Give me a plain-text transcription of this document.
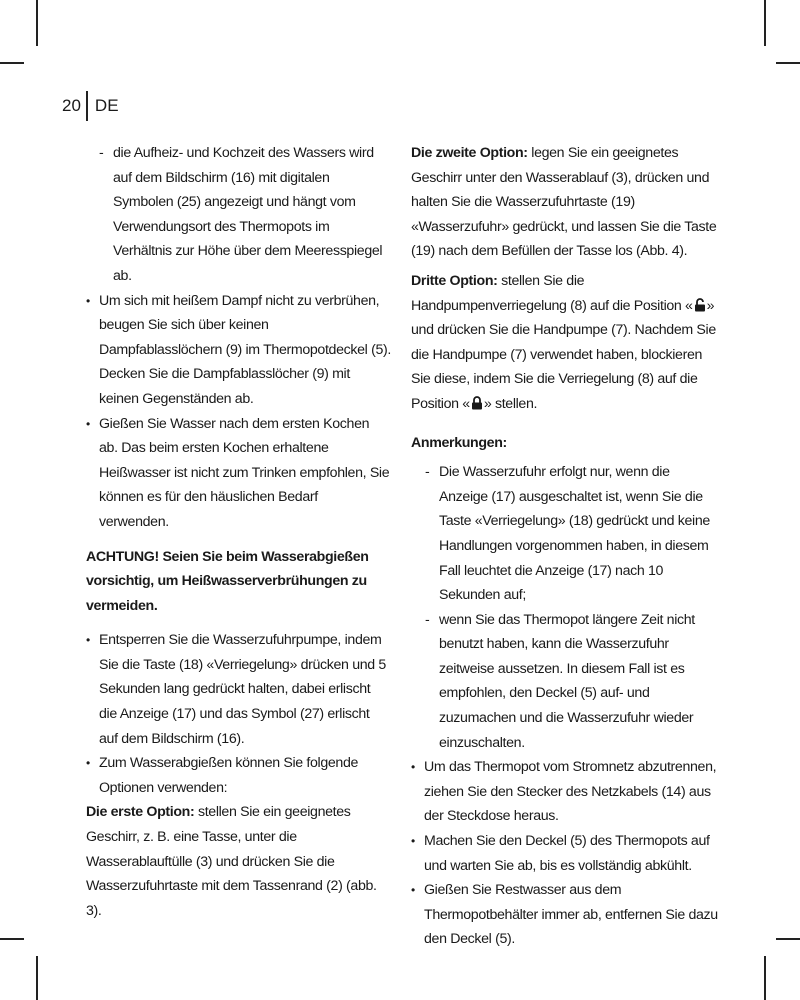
20 DE
- die Aufheiz- und Kochzeit des Wassers wird auf dem Bildschirm (16) mit digitalen Symbolen (25) angezeigt und hängt vom Verwendungsort des Thermopots im Verhältnis zur Höhe über dem Meeresspiegel ab.
• Um sich mit heißem Dampf nicht zu verbrühen, beugen Sie sich über keinen Dampfablasslöchern (9) im Thermopotdeckel (5). Decken Sie die Dampfablasslöcher (9) mit keinen Gegenständen ab.
• Gießen Sie Wasser nach dem ersten Kochen ab. Das beim ersten Kochen erhaltene Heißwasser ist nicht zum Trinken empfohlen, Sie können es für den häuslichen Bedarf verwenden.

ACHTUNG! Seien Sie beim Wasserabgießen vorsichtig, um Heißwasserverbrühungen zu vermeiden.

• Entsperren Sie die Wasserzufuhrpumpe, indem Sie die Taste (18) «Verriegelung» drücken und 5 Sekunden lang gedrückt halten, dabei erlischt die Anzeige (17) und das Symbol (27) erlischt auf dem Bildschirm (16).
• Zum Wasserabgießen können Sie folgende Optionen verwenden:

Die erste Option: stellen Sie ein geeignetes Geschirr, z. B. eine Tasse, unter die Wasserablauftülle (3) und drücken Sie die Wasserzufuhrtaste mit dem Tassenrand (2) (abb. 3).

Die zweite Option: legen Sie ein geeignetes Geschirr unter den Wasserablauf (3), drücken und halten Sie die Wasserzufuhrtaste (19) «Wasserzufuhr» gedrückt, und lassen Sie die Taste (19) nach dem Befüllen der Tasse los (Abb. 4).

Dritte Option: stellen Sie die Handpumpenverriegelung (8) auf die Position « » und drücken Sie die Handpumpe (7). Nachdem Sie die Handpumpe (7) verwendet haben, blockieren Sie diese, indem Sie die Verriegelung (8) auf die Position « » stellen.

Anmerkungen:

- Die Wasserzufuhr erfolgt nur, wenn die Anzeige (17) ausgeschaltet ist, wenn Sie die Taste «Verriegelung» (18) gedrückt und keine Handlungen vorgenommen haben, in diesem Fall leuchtet die Anzeige (17) nach 10 Sekunden auf;
- wenn Sie das Thermopot längere Zeit nicht benutzt haben, kann die Wasserzufuhr zeitweise aussetzen. In diesem Fall ist es empfohlen, den Deckel (5) auf- und zuzumachen und die Wasserzufuhr wieder einzuschalten.
• Um das Thermopot vom Stromnetz abzutrennen, ziehen Sie den Stecker des Netzkabels (14) aus der Steckdose heraus.
• Machen Sie den Deckel (5) des Thermopots auf und warten Sie ab, bis es vollständig abkühlt.
• Gießen Sie Restwasser aus dem Thermopotbehälter immer ab, entfernen Sie dazu den Deckel (5).
